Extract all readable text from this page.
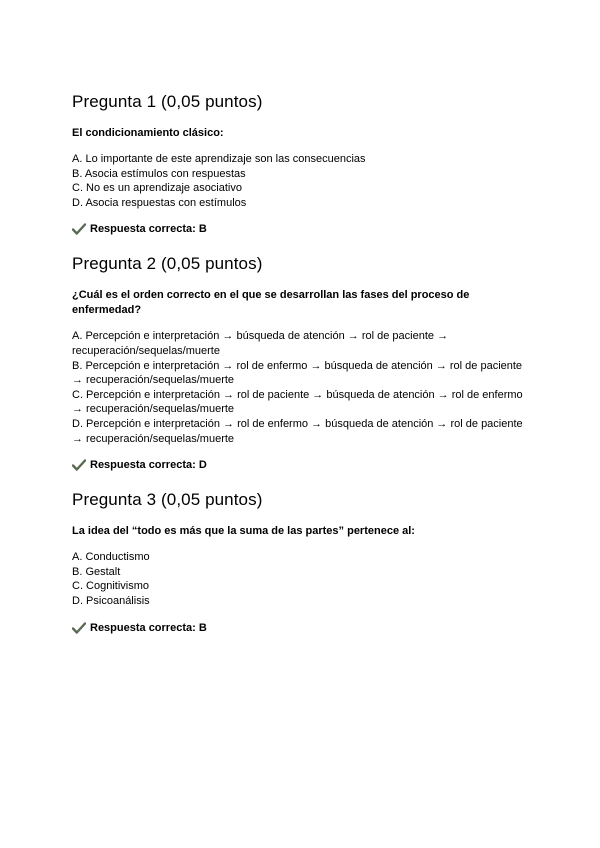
Pregunta 1 (0,05 puntos)

El condicionamiento clásico:

A. Lo importante de este aprendizaje son las consecuencias
B. Asocia estímulos con respuestas
C. No es un aprendizaje asociativo
D. Asocia respuestas con estímulos

Respuesta correcta: B

Pregunta 2 (0,05 puntos)

¿Cuál es el orden correcto en el que se desarrollan las fases del proceso de enfermedad?

A. Percepción e interpretación → búsqueda de atención → rol de paciente → recuperación/sequelas/muerte
B. Percepción e interpretación → rol de enfermo → búsqueda de atención → rol de paciente → recuperación/sequelas/muerte
C. Percepción e interpretación → rol de paciente → búsqueda de atención → rol de enfermo → recuperación/sequelas/muerte
D. Percepción e interpretación → rol de enfermo → búsqueda de atención → rol de paciente → recuperación/sequelas/muerte

Respuesta correcta: D

Pregunta 3 (0,05 puntos)

La idea del “todo es más que la suma de las partes” pertenece al:

A. Conductismo
B. Gestalt
C. Cognitivismo
D. Psicoanálisis

Respuesta correcta: B
